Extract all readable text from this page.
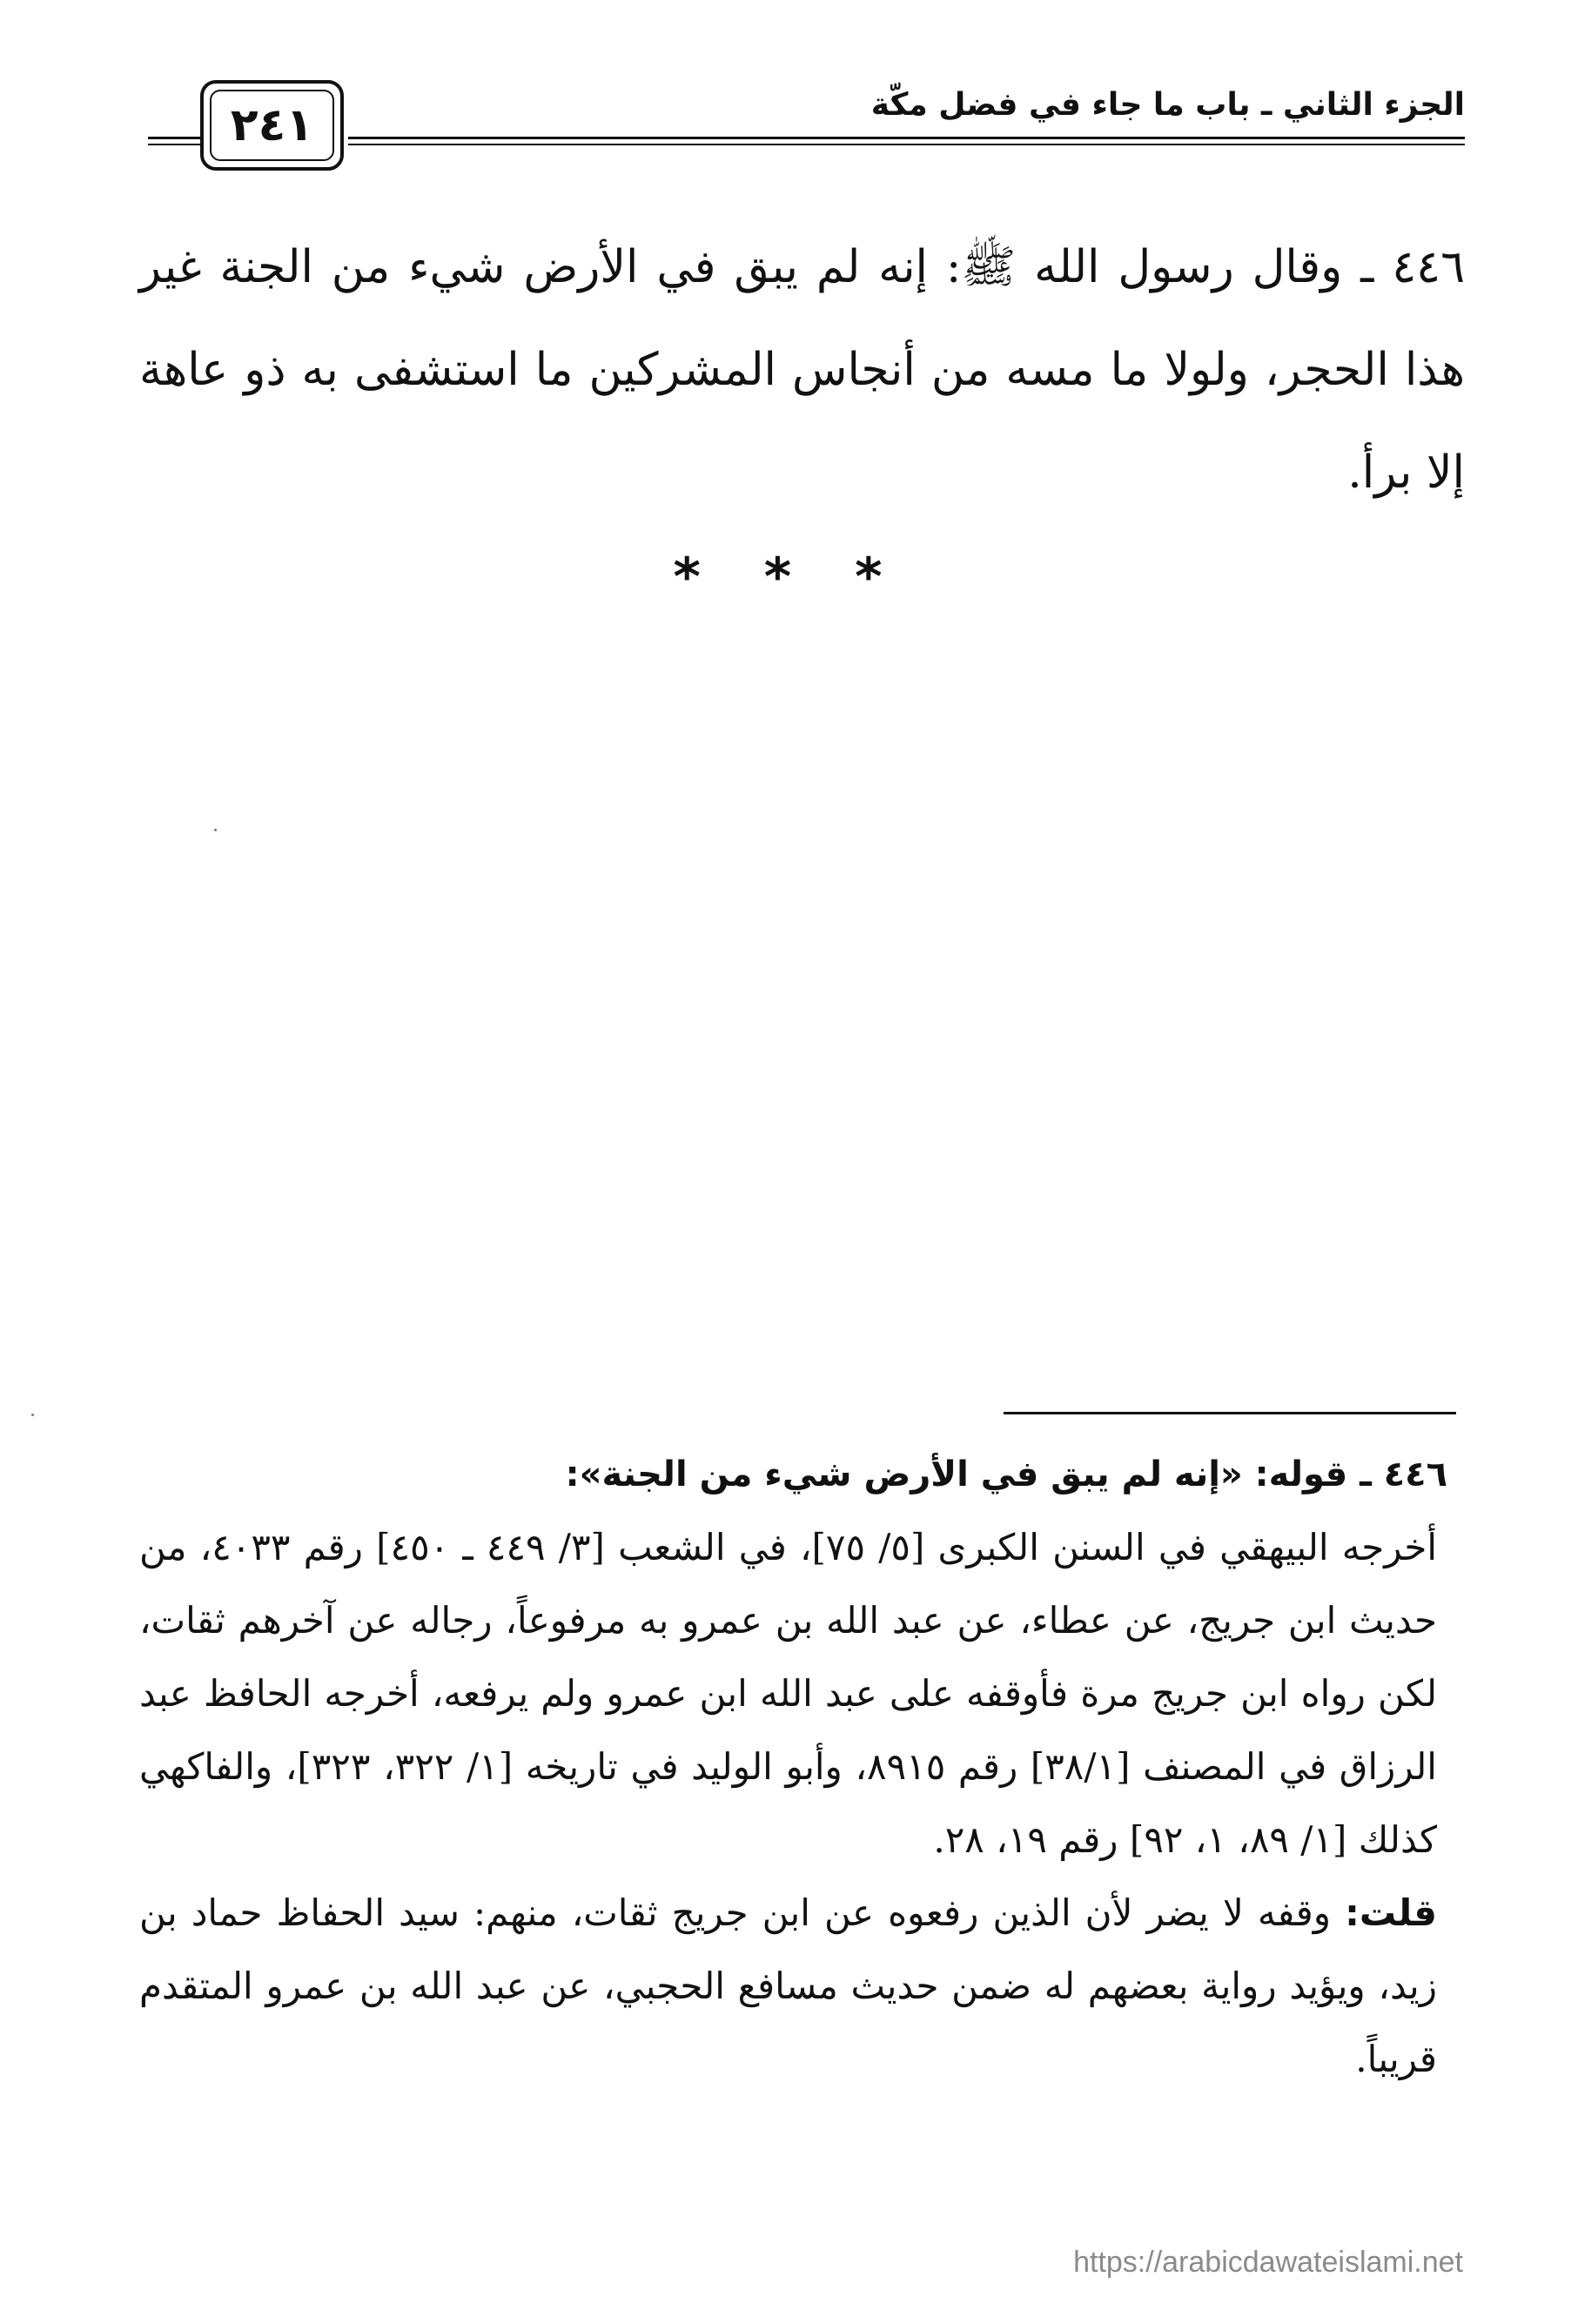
الجزء الثاني ـ باب ما جاء في فضل مكّة
٢٤١
٤٤٦ ـ وقال رسول الله ﷺ: إنه لم يبق في الأرض شيء من الجنة غير هذا الحجر، ولولا ما مسه من أنجاس المشركين ما استشفى به ذو عاهة إلا برأ.
* * *
٤٤٦ ـ قوله: «إنه لم يبق في الأرض شيء من الجنة»:
أخرجه البيهقي في السنن الكبرى [٥/ ٧٥]، في الشعب [٣/ ٤٤٩ ـ ٤٥٠] رقم ٤٠٣٣، من حديث ابن جريج، عن عطاء، عن عبد الله بن عمرو به مرفوعاً، رجاله عن آخرهم ثقات، لكن رواه ابن جريج مرة فأوقفه على عبد الله ابن عمرو ولم يرفعه، أخرجه الحافظ عبد الرزاق في المصنف [٣٨/١] رقم ٨٩١٥، وأبو الوليد في تاريخه [١/ ٣٢٢، ٣٢٣]، والفاكهي كذلك [١/ ٨٩، ١، ٩٢] رقم ١٩، ٢٨.
قلت: وقفه لا يضر لأن الذين رفعوه عن ابن جريج ثقات، منهم: سيد الحفاظ حماد بن زيد، ويؤيد رواية بعضهم له ضمن حديث مسافع الحجبي، عن عبد الله بن عمرو المتقدم قريباً.
https://arabicdawateislami.net
